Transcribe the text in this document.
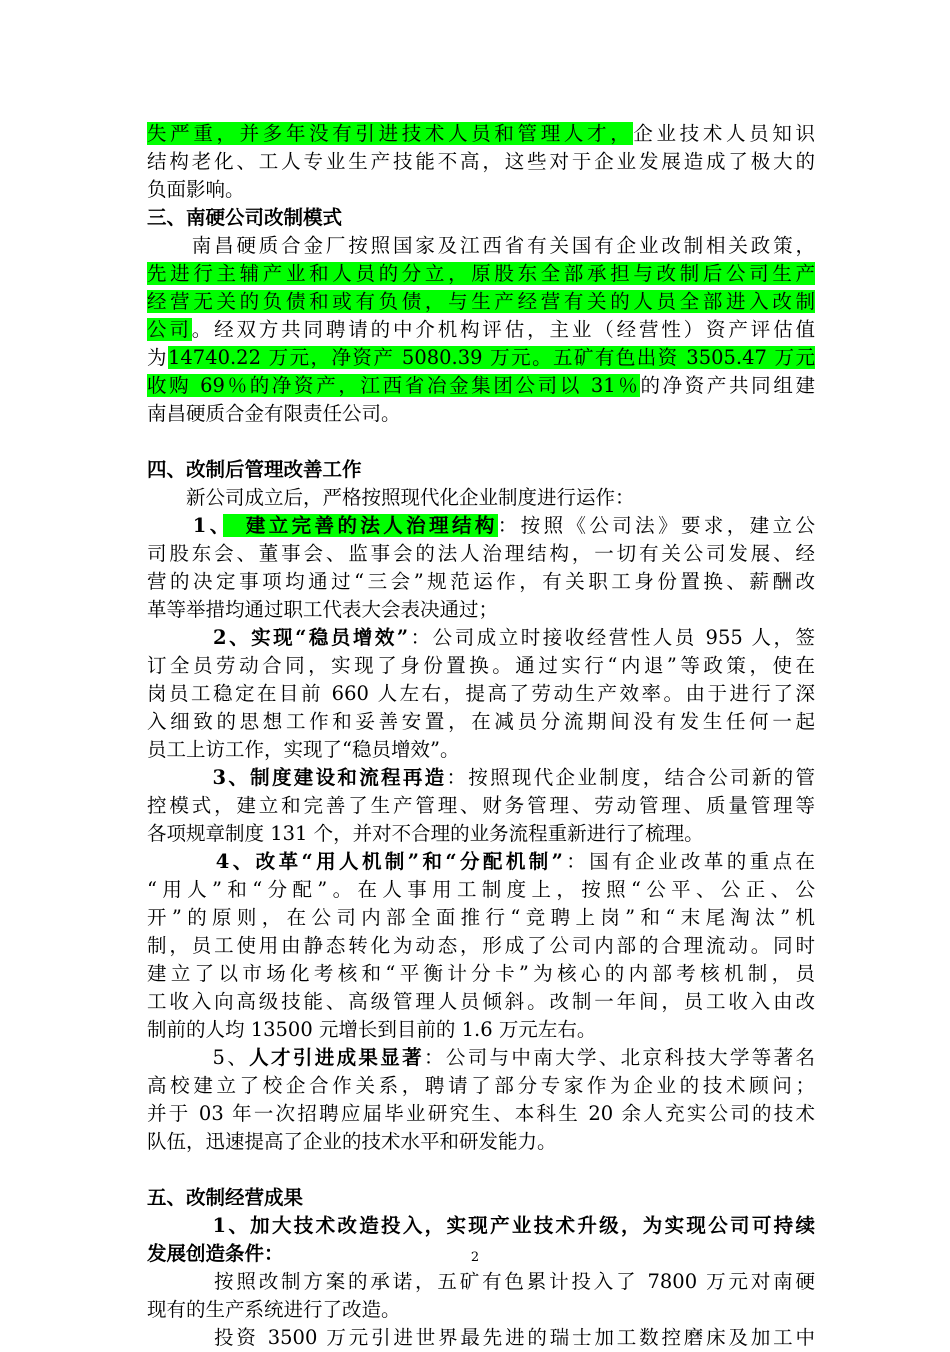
失严重，并多年没有引进技术人员和管理人才，企业技术人员知识
结构老化、工人专业生产技能不高，这些对于企业发展造成了极大的
负面影响。
三、南硬公司改制模式
　　南昌硬质合金厂按照国家及江西省有关国有企业改制相关政策，
先进行主辅产业和人员的分立，原股东全部承担与改制后公司生产
经营无关的负债和或有负债，与生产经营有关的人员全部进入改制
公司。经双方共同聘请的中介机构评估，主业（经营性）资产评估值
为14740.22 万元，净资产 5080.39 万元。五矿有色出资 3505.47 万元
收购 69％的净资产，江西省冶金集团公司以 31％的净资产共同组建
南昌硬质合金有限责任公司。
四、改制后管理改善工作
　　新公司成立后，严格按照现代化企业制度进行运作：
　　1、　建立完善的法人治理结构：按照《公司法》要求，建立公
司股东会、董事会、监事会的法人治理结构，一切有关公司发展、经
营的决定事项均通过“三会”规范运作，有关职工身份置换、薪酬改
革等举措均通过职工代表大会表决通过；
　　　2、实现“稳员增效”：公司成立时接收经营性人员 955 人，签
订全员劳动合同，实现了身份置换。通过实行“内退”等政策，使在
岗员工稳定在目前 660 人左右，提高了劳动生产效率。由于进行了深
入细致的思想工作和妥善安置，在减员分流期间没有发生任何一起
员工上访工作，实现了“稳员增效”。
　　　3、制度建设和流程再造：按照现代企业制度，结合公司新的管
控模式，建立和完善了生产管理、财务管理、劳动管理、质量管理等
各项规章制度 131 个，并对不合理的业务流程重新进行了梳理。
　　　4、改革“用人机制”和“分配机制”：国有企业改革的重点在
“用人”和“分配”。在人事用工制度上，按照“公平、公正、公
开”的原则，在公司内部全面推行“竞聘上岗”和“末尾淘汰”机
制，员工使用由静态转化为动态，形成了公司内部的合理流动。同时
建立了以市场化考核和“平衡计分卡”为核心的内部考核机制，员
工收入向高级技能、高级管理人员倾斜。改制一年间，员工收入由改
制前的人均 13500 元增长到目前的 1.6 万元左右。
　　　5、人才引进成果显著：公司与中南大学、北京科技大学等著名
高校建立了校企合作关系，聘请了部分专家作为企业的技术顾问；
并于 03 年一次招聘应届毕业研究生、本科生 20 余人充实公司的技术
队伍，迅速提高了企业的技术水平和研发能力。
五、改制经营成果
　　　1、加大技术改造投入，实现产业技术升级，为实现公司可持续
发展创造条件：
　　　按照改制方案的承诺，五矿有色累计投入了 7800 万元对南硬
现有的生产系统进行了改造。
　　　投资 3500 万元引进世界最先进的瑞士加工数控磨床及加工中
2
